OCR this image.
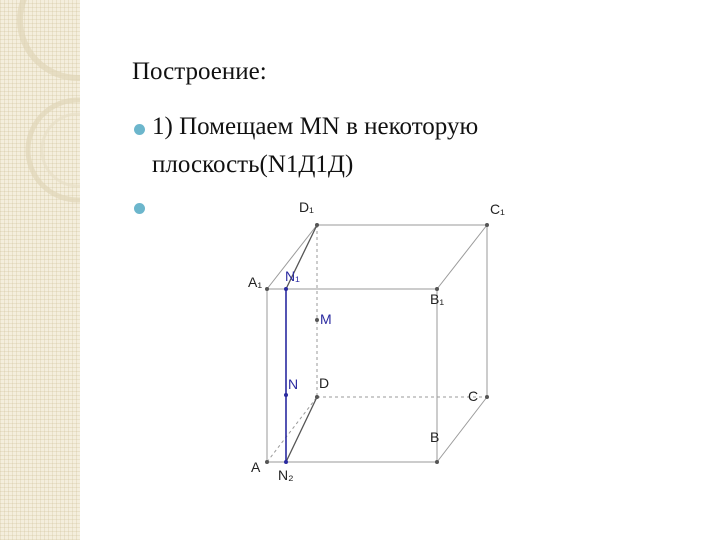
Построение:
1) Помещаем MN в некоторую плоскость(N1Д1Д)
D₁	C₁
A₁ N₁
B₁
M
N D
C
B
A N₂
